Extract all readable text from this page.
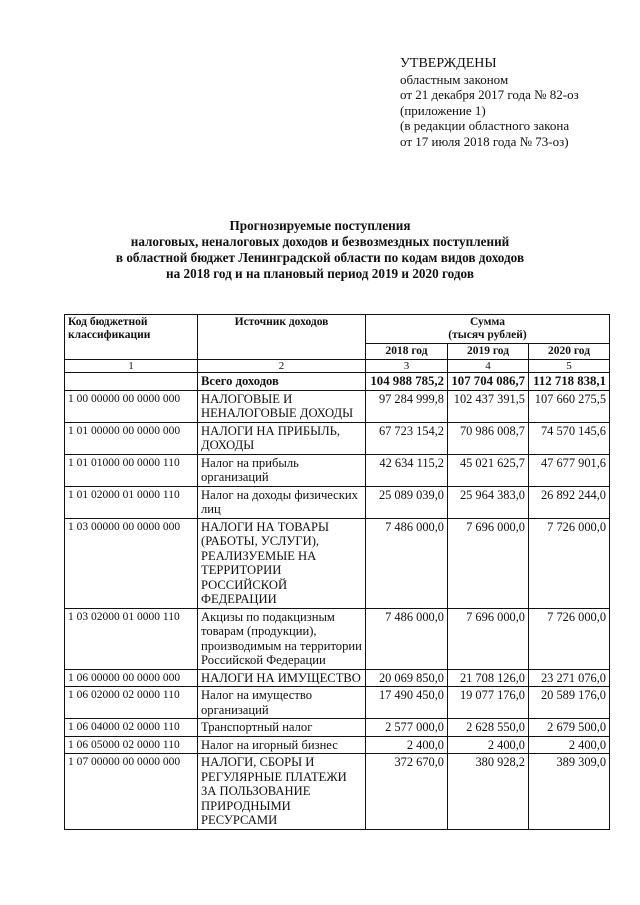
УТВЕРЖДЕНЫ
областным законом
от 21 декабря 2017 года № 82-оз
(приложение 1)
(в редакции областного закона
от 17 июля 2018 года № 73-оз)
Прогнозируемые поступления
налоговых, неналоговых доходов и безвозмездных поступлений
в областной бюджет Ленинградской области по кодам видов доходов
на 2018 год и на плановый период 2019 и 2020 годов
Код бюджетной классификации	Источник доходов	Сумма
(тысяч рублей)		

		2018 год	2019 год	2020 год
1	2	3	4	5
	Всего доходов	104 988 785,2	107 704 086,7	112 718 838,1
1 00 00000 00 0000 000	НАЛОГОВЫЕ И НЕНАЛОГОВЫЕ ДОХОДЫ	97 284 999,8	102 437 391,5	107 660 275,5
1 01 00000 00 0000 000	НАЛОГИ НА ПРИБЫЛЬ, ДОХОДЫ	67 723 154,2	70 986 008,7	74 570 145,6
1 01 01000 00 0000 110	Налог на прибыль организаций	42 634 115,2	45 021 625,7	47 677 901,6
1 01 02000 01 0000 110	Налог на доходы физических лиц	25 089 039,0	25 964 383,0	26 892 244,0
1 03 00000 00 0000 000	НАЛОГИ НА ТОВАРЫ (РАБОТЫ, УСЛУГИ), РЕАЛИЗУЕМЫЕ НА ТЕРРИТОРИИ РОССИЙСКОЙ ФЕДЕРАЦИИ	7 486 000,0	7 696 000,0	7 726 000,0
1 03 02000 01 0000 110	Акцизы по подакцизным товарам (продукции), производимым на территории Российской Федерации	7 486 000,0	7 696 000,0	7 726 000,0
1 06 00000 00 0000 000	НАЛОГИ НА ИМУЩЕСТВО	20 069 850,0	21 708 126,0	23 271 076,0
1 06 02000 02 0000 110	Налог на имущество организаций	17 490 450,0	19 077 176,0	20 589 176,0
1 06 04000 02 0000 110	Транспортный налог	2 577 000,0	2 628 550,0	2 679 500,0
1 06 05000 02 0000 110	Налог на игорный бизнес	2 400,0	2 400,0	2 400,0
1 07 00000 00 0000 000	НАЛОГИ, СБОРЫ И РЕГУЛЯРНЫЕ ПЛАТЕЖИ ЗА ПОЛЬЗОВАНИЕ ПРИРОДНЫМИ РЕСУРСАМИ	372 670,0	380 928,2	389 309,0
